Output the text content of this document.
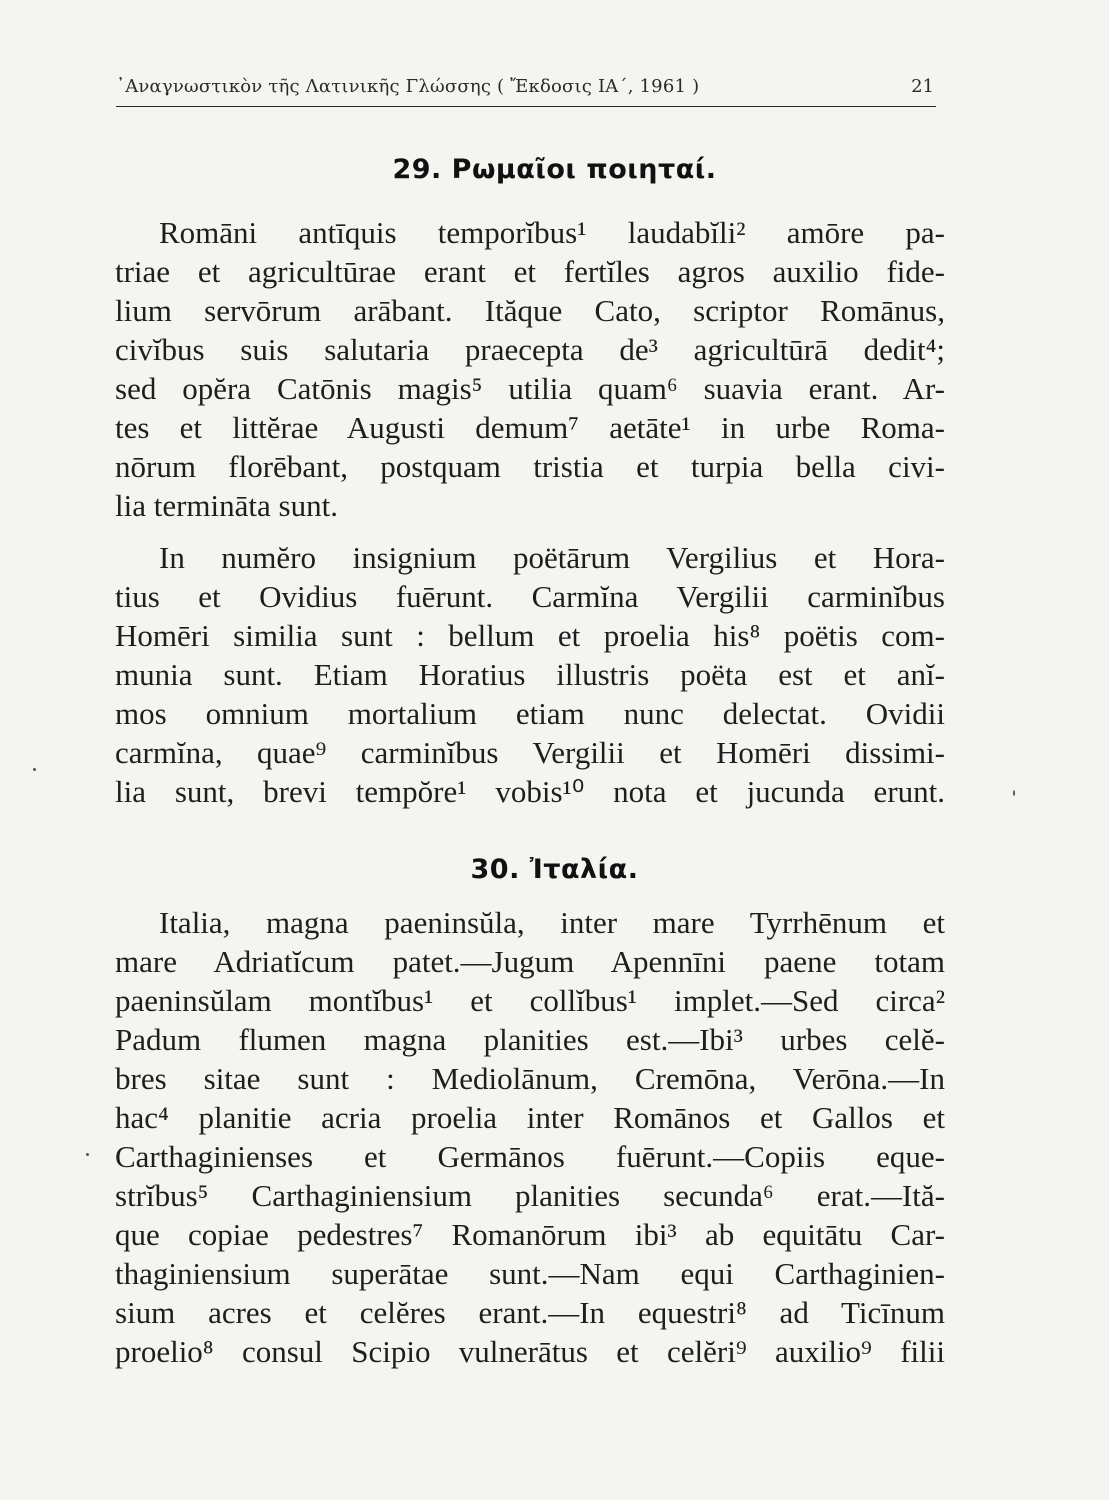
᾽Αναγνωστικὸν τῆς Λατινικῆς Γλώσσης ( Ἔκδοσις ΙΑ΄, 1961 )	21
29. Ρωμαῖοι ποιηταί.
Romāni antīquis temporĭbus¹ laudabĭli² amōre pa-
triae et agricultūrae erant et fertĭles agros auxilio fide-
lium servōrum arābant. Ităque Cato, scriptor Romānus,
civĭbus suis salutaria praecepta de³ agricultūrā dedit⁴;
sed opĕra Catōnis magis⁵ utilia quam⁶ suavia erant. Ar-
tes et littĕrae Augusti demum⁷ aetāte¹ in urbe Roma-
nōrum florēbant, postquam tristia et turpia bella civi-
lia termināta sunt.
In numĕro insignium poëtārum Vergilius et Hora-
tius et Ovidius fuērunt. Carmĭna Vergilii carminĭbus
Homēri similia sunt : bellum et proelia his⁸ poëtis com-
munia sunt. Etiam Horatius illustris poëta est et anĭ-
mos omnium mortalium etiam nunc delectat. Ovidii
carmĭna, quae⁹ carminĭbus Vergilii et Homēri dissimi-
lia sunt, brevi tempŏre¹ vobis¹⁰ nota et jucunda erunt.
30. Ἰταλία.
Italia, magna paeninsŭla, inter mare Tyrrhēnum et
mare Adriatĭcum patet.—Jugum Apennīni paene totam
paeninsŭlam montĭbus¹ et collĭbus¹ implet.—Sed circa²
Padum flumen magna planities est.—Ibi³ urbes celĕ-
bres sitae sunt : Mediolānum, Cremōna, Verōna.—In
hac⁴ planitie acria proelia inter Romānos et Gallos et
Carthaginienses et Germānos fuērunt.—Copiis eque-
strĭbus⁵ Carthaginiensium planities secunda⁶ erat.—Ită-
que copiae pedestres⁷ Romanōrum ibi³ ab equitātu Car-
thaginiensium superātae sunt.—Nam equi Carthaginien-
sium acres et celĕres erant.—In equestri⁸ ad Ticīnum
proelio⁸ consul Scipio vulnerātus et celĕri⁹ auxilio⁹ filii
